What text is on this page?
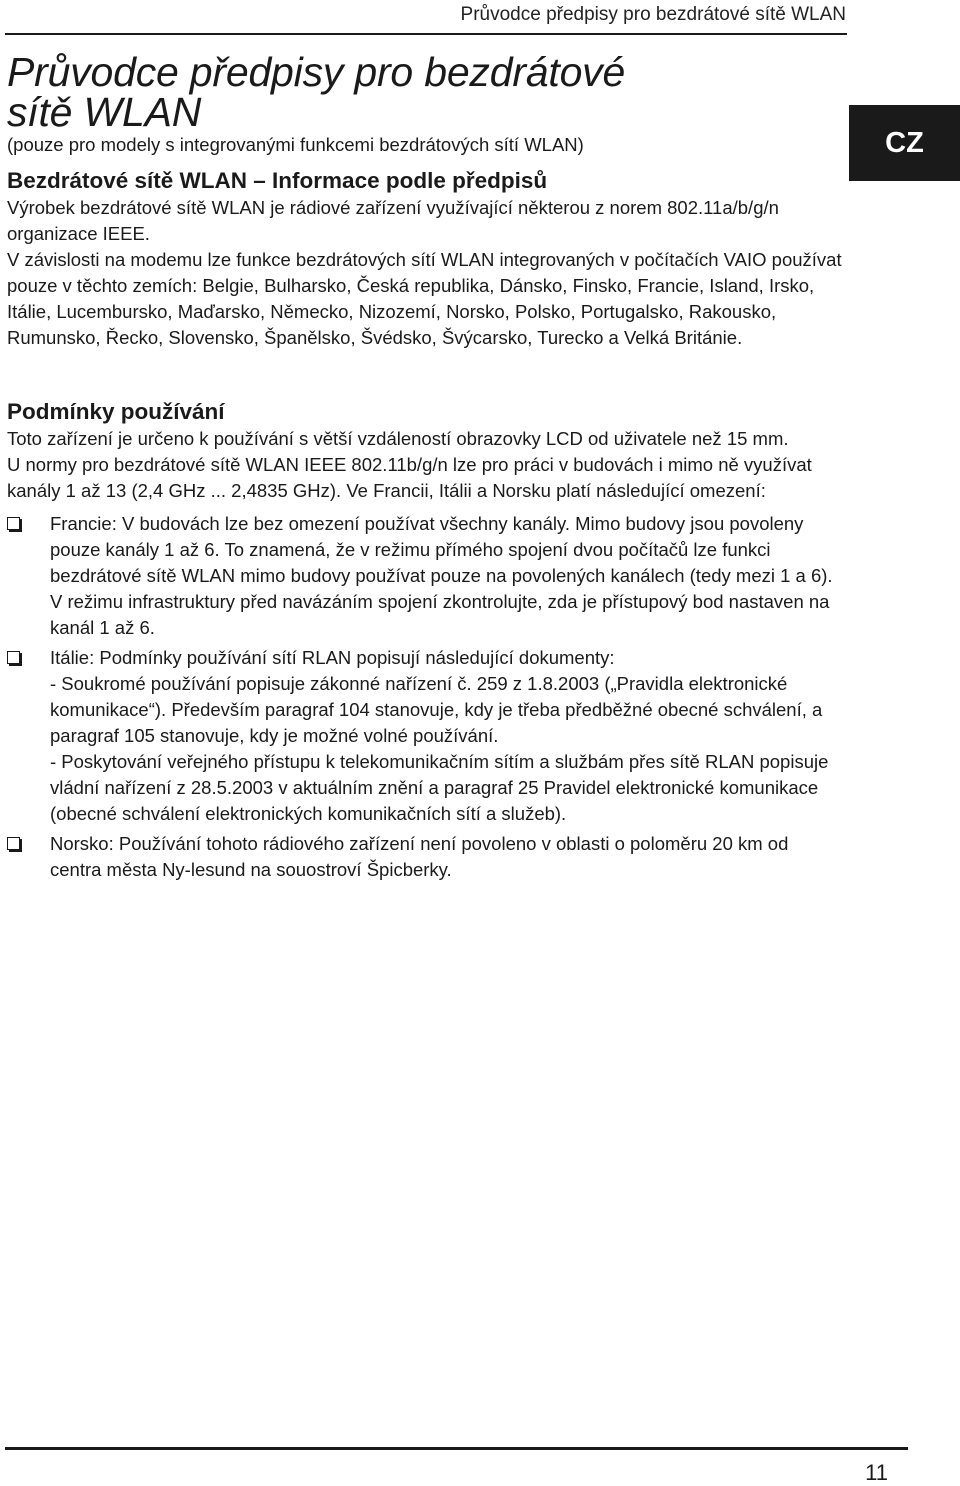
Průvodce předpisy pro bezdrátové sítě WLAN
CZ
Průvodce předpisy pro bezdrátové
sítě WLAN

(pouze pro modely s integrovanými funkcemi bezdrátových sítí WLAN)

Bezdrátové sítě WLAN – Informace podle předpisů

Výrobek bezdrátové sítě WLAN je rádiové zařízení využívající některou z norem 802.11a/b/g/n organizace IEEE.

V závislosti na modemu lze funkce bezdrátových sítí WLAN integrovaných v počítačích VAIO používat pouze v těchto zemích: Belgie, Bulharsko, Česká republika, Dánsko, Finsko, Francie, Island, Irsko, Itálie, Lucembursko, Maďarsko, Německo, Nizozemí, Norsko, Polsko, Portugalsko, Rakousko, Rumunsko, Řecko, Slovensko, Španělsko, Švédsko, Švýcarsko, Turecko a Velká Británie.

Podmínky používání

Toto zařízení je určeno k používání s větší vzdáleností obrazovky LCD od uživatele než 15 mm.

U normy pro bezdrátové sítě WLAN IEEE 802.11b/g/n lze pro práci v budovách i mimo ně využívat kanály 1 až 13 (2,4 GHz ... 2,4835 GHz). Ve Francii, Itálii a Norsku platí následující omezení:

Francie: V budovách lze bez omezení používat všechny kanály. Mimo budovy jsou povoleny pouze kanály 1 až 6. To znamená, že v režimu přímého spojení dvou počítačů lze funkci bezdrátové sítě WLAN mimo budovy používat pouze na povolených kanálech (tedy mezi 1 a 6). V režimu infrastruktury před navázáním spojení zkontrolujte, zda je přístupový bod nastaven na kanál 1 až 6.
Itálie: Podmínky používání sítí RLAN popisují následující dokumenty:
- Soukromé používání popisuje zákonné nařízení č. 259 z 1.8.2003 („Pravidla elektronické komunikace“). Především paragraf 104 stanovuje, kdy je třeba předběžné obecné schválení, a paragraf 105 stanovuje, kdy je možné volné používání.
- Poskytování veřejného přístupu k telekomunikačním sítím a službám přes sítě RLAN popisuje vládní nařízení z 28.5.2003 v aktuálním znění a paragraf 25 Pravidel elektronické komunikace (obecné schválení elektronických komunikačních sítí a služeb).
Norsko: Používání tohoto rádiového zařízení není povoleno v oblasti o poloměru 20 km od centra města Ny-lesund na souostroví Špicberky.
11
